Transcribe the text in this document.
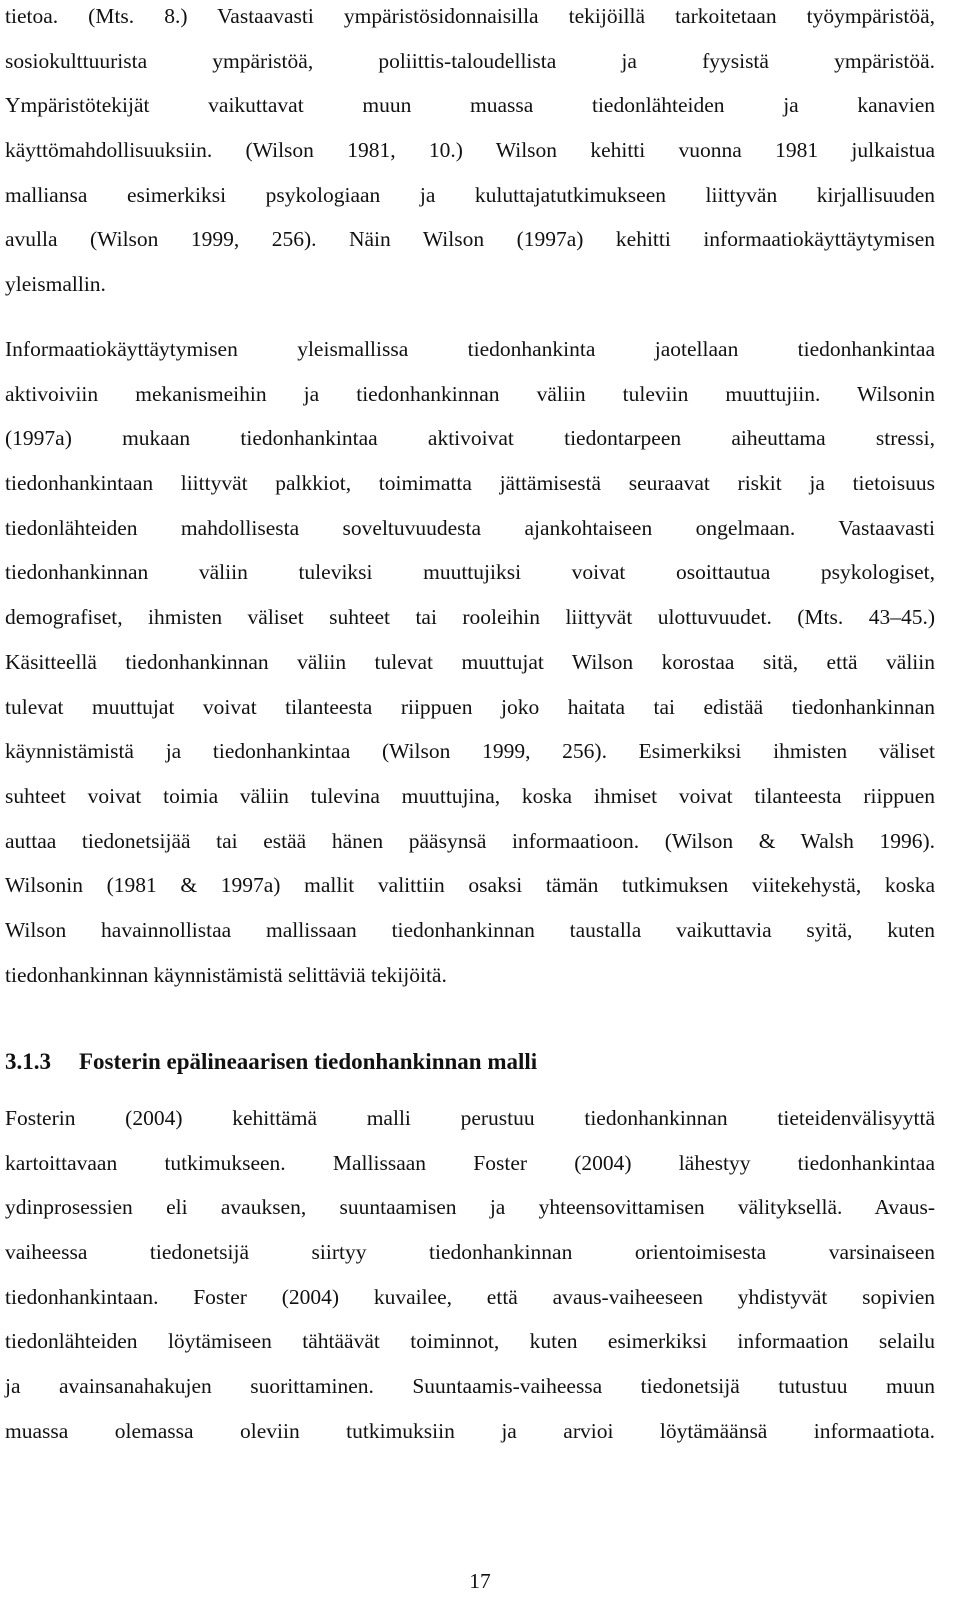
tietoa. (Mts. 8.) Vastaavasti ympäristösidonnaisilla tekijöillä tarkoitetaan työympäristöä,
sosiokulttuurista ympäristöä, poliittis-taloudellista ja fyysistä ympäristöä.
Ympäristötekijät vaikuttavat muun muassa tiedonlähteiden ja kanavien
käyttömahdollisuuksiin. (Wilson 1981, 10.) Wilson kehitti vuonna 1981 julkaistua
malliansa esimerkiksi psykologiaan ja kuluttajatutkimukseen liittyvän kirjallisuuden
avulla (Wilson 1999, 256). Näin Wilson (1997a) kehitti informaatiokäyttäytymisen
yleismallin.
Informaatiokäyttäytymisen yleismallissa tiedonhankinta jaotellaan tiedonhankintaa
aktivoiviin mekanismeihin ja tiedonhankinnan väliin tuleviin muuttujiin. Wilsonin
(1997a) mukaan tiedonhankintaa aktivoivat tiedontarpeen aiheuttama stressi,
tiedonhankintaan liittyvät palkkiot, toimimatta jättämisestä seuraavat riskit ja tietoisuus
tiedonlähteiden mahdollisesta soveltuvuudesta ajankohtaiseen ongelmaan. Vastaavasti
tiedonhankinnan väliin tuleviksi muuttujiksi voivat osoittautua psykologiset,
demografiset, ihmisten väliset suhteet tai rooleihin liittyvät ulottuvuudet. (Mts. 43–45.)
Käsitteellä tiedonhankinnan väliin tulevat muuttujat Wilson korostaa sitä, että väliin
tulevat muuttujat voivat tilanteesta riippuen joko haitata tai edistää tiedonhankinnan
käynnistämistä ja tiedonhankintaa (Wilson 1999, 256). Esimerkiksi ihmisten väliset
suhteet voivat toimia väliin tulevina muuttujina, koska ihmiset voivat tilanteesta riippuen
auttaa tiedonetsijää tai estää hänen pääsynsä informaatioon. (Wilson & Walsh 1996).
Wilsonin (1981 & 1997a) mallit valittiin osaksi tämän tutkimuksen viitekehystä, koska
Wilson havainnollistaa mallissaan tiedonhankinnan taustalla vaikuttavia syitä, kuten
tiedonhankinnan käynnistämistä selittäviä tekijöitä.
3.1.3 Fosterin epälineaarisen tiedonhankinnan malli
Fosterin (2004) kehittämä malli perustuu tiedonhankinnan tieteidenvälisyyttä
kartoittavaan tutkimukseen. Mallissaan Foster (2004) lähestyy tiedonhankintaa
ydinprosessien eli avauksen, suuntaamisen ja yhteensovittamisen välityksellä. Avaus-
vaiheessa tiedonetsijä siirtyy tiedonhankinnan orientoimisesta varsinaiseen
tiedonhankintaan. Foster (2004) kuvailee, että avaus-vaiheeseen yhdistyvät sopivien
tiedonlähteiden löytämiseen tähtäävät toiminnot, kuten esimerkiksi informaation selailu
ja avainsanahakujen suorittaminen. Suuntaamis-vaiheessa tiedonetsijä tutustuu muun
muassa olemassa oleviin tutkimuksiin ja arvioi löytämäänsä informaatiota.
17
